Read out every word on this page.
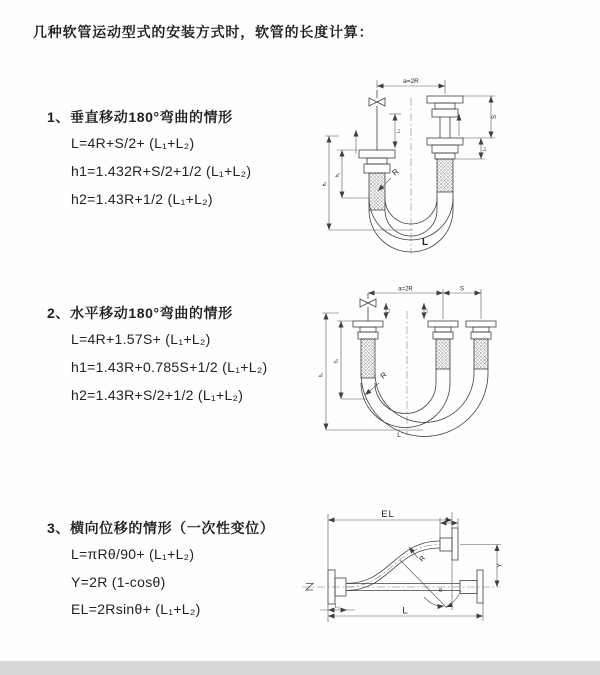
几种软管运动型式的安装方式时，软管的长度计算：
1、垂直移动180°弯曲的情形
L=4R+S/2+ (L₁+L₂)
h1=1.432R+S/2+1/2 (L₁+L₂)
h2=1.43R+1/2 (L₁+L₂)
2、水平移动180°弯曲的情形
L=4R+1.57S+ (L₁+L₂)
h1=1.43R+0.785S+1/2 (L₁+L₂)
h2=1.43R+S/2+1/2 (L₁+L₂)
3、横向位移的情形（一次性变位）
L=πRθ/90+ (L₁+L₂)
Y=2R (1-cosθ)
EL=2Rsinθ+ (L₁+L₂)
a=2R
L₁
h₁
h₂
S
L₂
R
L
a=2R	S
L₁	L₂
h₁
h₂	R
L
EL	L₁
Y
L
L₂
R
θ
